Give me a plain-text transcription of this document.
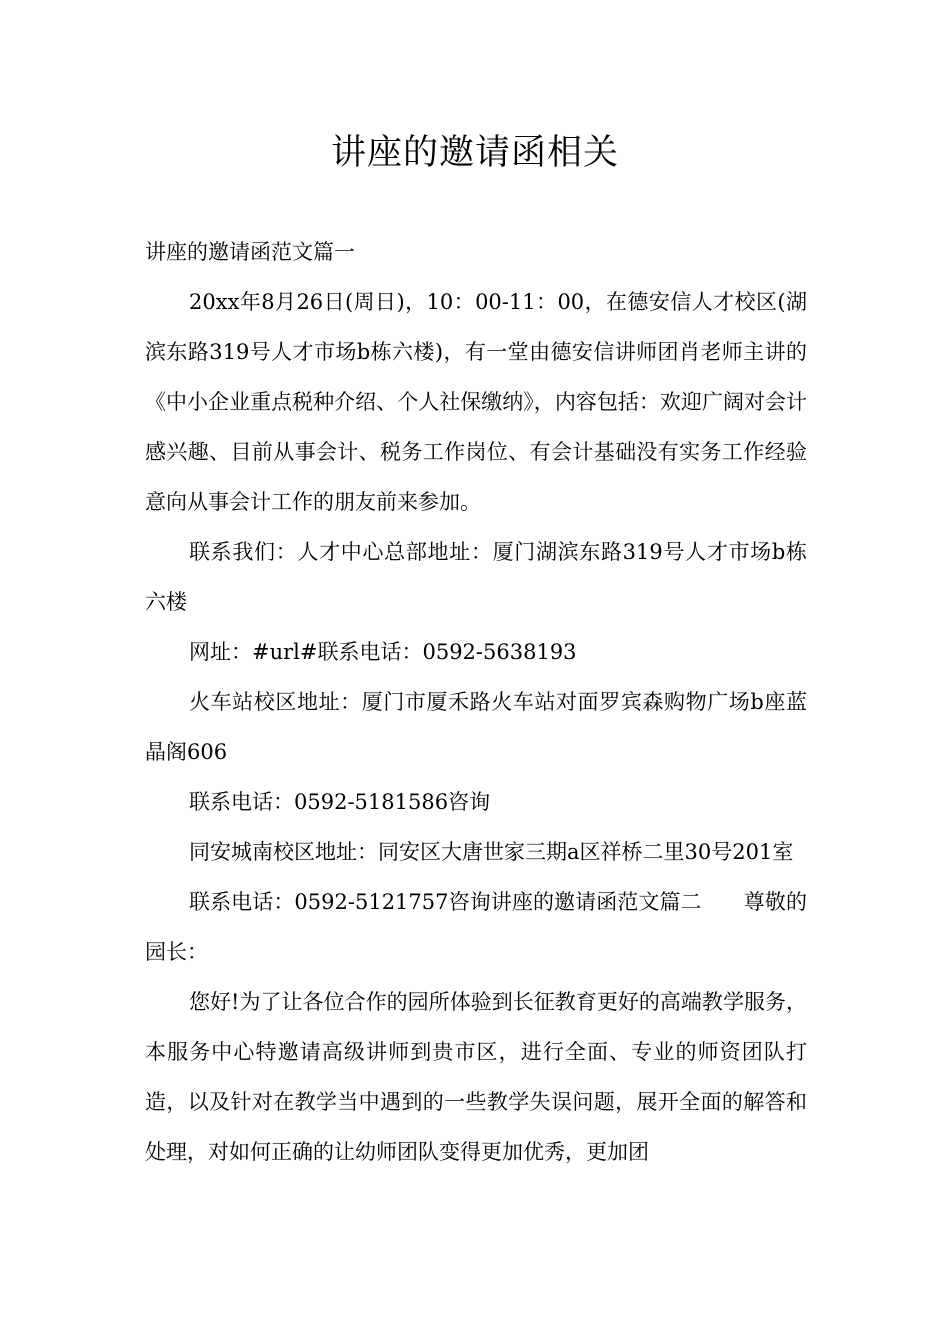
讲座的邀请函相关

讲座的邀请函范文篇一

20xx年8月26日(周日)，10：00-11：00，在德安信人才校区(湖滨东路319号人才市场b栋六楼)，有一堂由德安信讲师团肖老师主讲的《中小企业重点税种介绍、个人社保缴纳》，内容包括：欢迎广阔对会计感兴趣、目前从事会计、税务工作岗位、有会计基础没有实务工作经验意向从事会计工作的朋友前来参加。

联系我们：人才中心总部地址：厦门湖滨东路319号人才市场b栋六楼

网址：#url#联系电话：0592-5638193

火车站校区地址：厦门市厦禾路火车站对面罗宾森购物广场b座蓝晶阁606

联系电话：0592-5181586咨询

同安城南校区地址：同安区大唐世家三期a区祥桥二里30号201室

联系电话：0592-5121757咨询讲座的邀请函范文篇二　　尊敬的园长：

您好!为了让各位合作的园所体验到长征教育更好的高端教学服务，本服务中心特邀请高级讲师到贵市区，进行全面、专业的师资团队打造，以及针对在教学当中遇到的一些教学失误问题，展开全面的解答和处理，对如何正确的让幼师团队变得更加优秀，更加团
